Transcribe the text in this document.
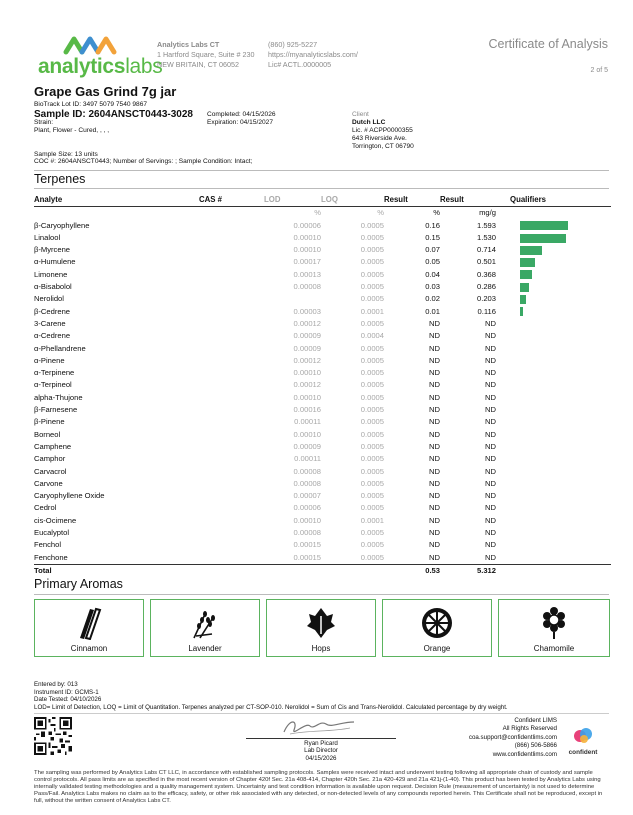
analyticslabs
Analytics Labs CT
1 Hartford Square, Suite # 230
NEW BRITAIN, CT 06052
(860) 925-5227
https://myanalyticslabs.com/
Lic# ACTL.0000005
Certificate of Analysis
2 of 5
Grape Gas Grind 7g jar
BioTrack Lot ID: 3497 5079 7540 9867
Sample ID: 2604ANSCT0443-3028
Strain:
Plant, Flower - Cured, , , ,
Completed: 04/15/2026
Expiration: 04/15/2027
Client
Dutch LLC
Lic. # ACPP0000355
643 Riverside Ave.
Torrington, CT 06790
Sample Size: 13 units
COC #: 2604ANSCT0443; Number of Servings: ; Sample Condition: Intact;
Terpenes
Analyte	CAS #	LOD	LOQ	Result	Result	Qualifiers
		%	%	%	mg/g	
β-Caryophyllene		0.00006	0.0005	0.16	1.593	

Linalool		0.00010	0.0005	0.15	1.530	

β-Myrcene		0.00010	0.0005	0.07	0.714	

α-Humulene		0.00017	0.0005	0.05	0.501	

Limonene		0.00013	0.0005	0.04	0.368	

α-Bisabolol		0.00008	0.0005	0.03	0.286	

Nerolidol			0.0005	0.02	0.203	

β-Cedrene		0.00003	0.0001	0.01	0.116	

3-Carene		0.00012	0.0005	ND	ND	
α-Cedrene		0.00009	0.0004	ND	ND	
α-Phellandrene		0.00009	0.0005	ND	ND	
α-Pinene		0.00012	0.0005	ND	ND	
α-Terpinene		0.00010	0.0005	ND	ND	
α-Terpineol		0.00012	0.0005	ND	ND	
alpha-Thujone		0.00010	0.0005	ND	ND	
β-Farnesene		0.00016	0.0005	ND	ND	
β-Pinene		0.00011	0.0005	ND	ND	
Borneol		0.00010	0.0005	ND	ND	
Camphene		0.00009	0.0005	ND	ND	
Camphor		0.00011	0.0005	ND	ND	
Carvacrol		0.00008	0.0005	ND	ND	
Carvone		0.00008	0.0005	ND	ND	
Caryophyllene Oxide		0.00007	0.0005	ND	ND	
Cedrol		0.00006	0.0005	ND	ND	
cis-Ocimene		0.00010	0.0001	ND	ND	
Eucalyptol		0.00008	0.0005	ND	ND	
Fenchol		0.00015	0.0005	ND	ND	
Fenchone		0.00015	0.0005	ND	ND	
Total				0.53	5.312	
Primary Aromas
Cinnamon	Lavender	Hops	Orange	Chamomile
Entered by: 013
Instrument ID: GCMS-1
Date Tested: 04/10/2026
LOD= Limit of Detection, LOQ = Limit of Quantitation. Terpenes analyzed per CT-SOP-010. Nerolidol = Sum of Cis and Trans-Nerolidol. Calculated percentage by dry weight.
Ryan Picard
Lab Director
04/15/2026
Confident LIMS
All Rights Reserved
coa.support@confidentlims.com
(866) 506-5866
www.confidentlims.com	confident
The sampling was performed by Analytics Labs CT LLC, in accordance with established sampling protocols. Samples were received intact and underwent testing following all appropriate chain of custody and sample control protocols. All pass limits are as specified in the most recent version of Chapter 420f Sec. 21a 408-414, Chapter 420h Sec. 21a 420-429 and 21a 421j-(1-40). This product has been tested by Analytics Labs using internally validated testing methodologies and a quality management system. Uncertainty and test condition information is available upon request. Decision Rule (measurement of uncertainty) is not used to determine Pass/Fail. Analytics Labs makes no claim as to the efficacy, safety, or other risk associated with any detected, or non-detected levels of any compounds reported herein. This Certificate shall not be reproduced, except in full, without the written consent of Analytics Labs CT.
